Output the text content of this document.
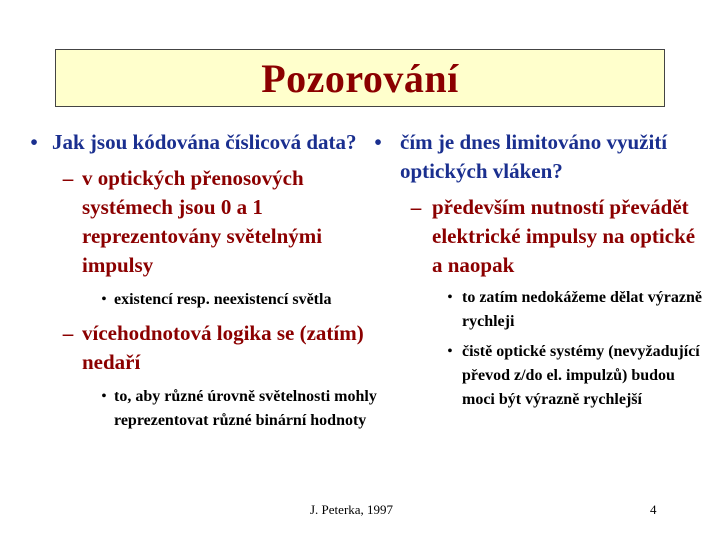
Pozorování
• Jak jsou kódována číslicová data?
– v optických přenosových systémech jsou 0 a 1 reprezentovány světelnými impulsy
• existencí resp. neexistencí světla
– vícehodnotová logika se (zatím) nedaří
• to, aby různé úrovně světelnosti mohly reprezentovat různé binární hodnoty
• čím je dnes limitováno využití optických vláken?
– především nutností převádět elektrické impulsy na optické a naopak
• to zatím nedokážeme dělat výrazně rychleji
• čistě optické systémy (nevyžadující převod z/do el. impulzů) budou moci být výrazně rychlejší
J. Peterka, 1997	4
